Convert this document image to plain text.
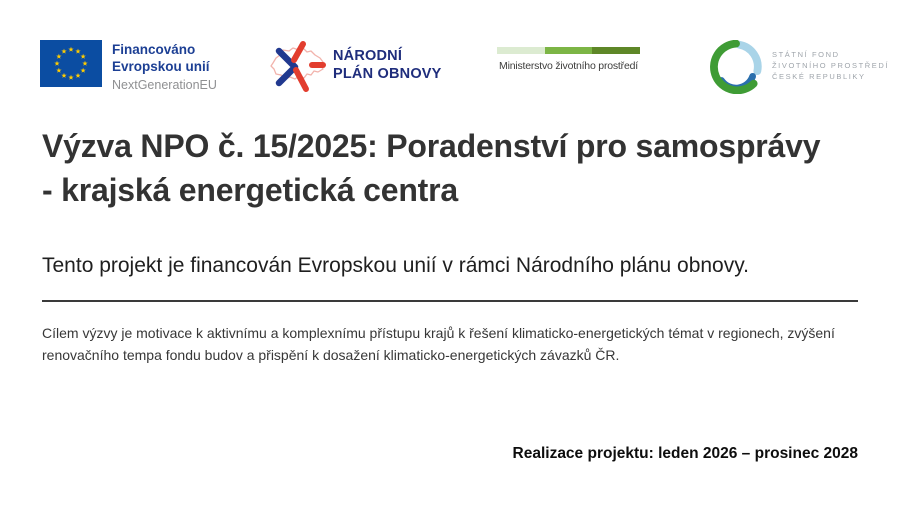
Financováno
Evropskou unií
NextGenerationEU
NÁRODNÍ
PLÁN OBNOVY
Ministerstvo životního prostředí
STÁTNÍ FOND
ŽIVOTNÍHO PROSTŘEDÍ
ČESKÉ REPUBLIKY
Výzva NPO č. 15/2025: Poradenství pro samosprávy - krajská energetická centra
Tento projekt je financován Evropskou unií v rámci Národního plánu obnovy.
Cílem výzvy je motivace k aktivnímu a komplexnímu přístupu krajů k řešení klimaticko-energetických témat v regionech, zvýšení renovačního tempa fondu budov a přispění k dosažení klimaticko-energetických závazků ČR.
Realizace projektu: leden 2026 – prosinec 2028
